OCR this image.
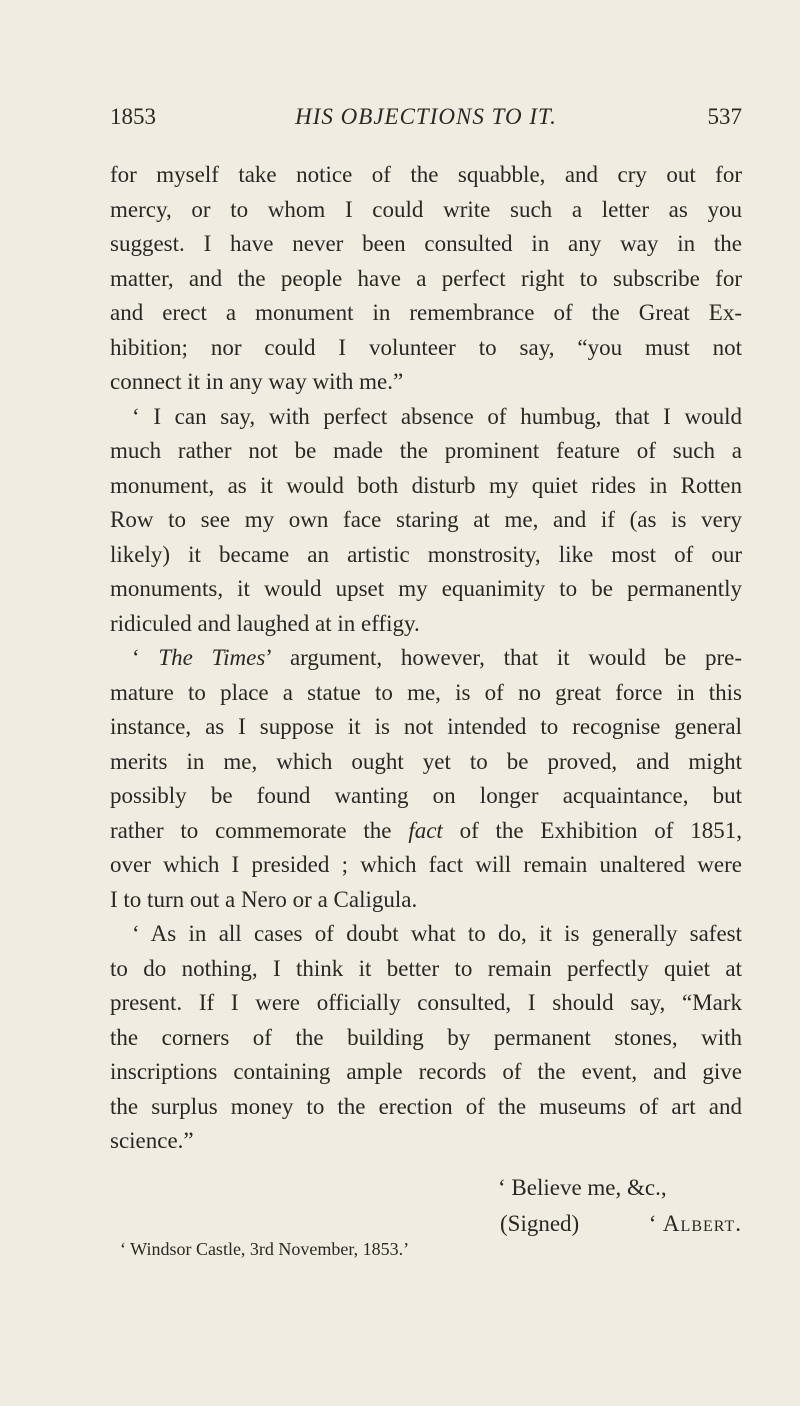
1853	HIS OBJECTIONS TO IT.	537
for myself take notice of the squabble, and cry out for
mercy, or to whom I could write such a letter as you
suggest. I have never been consulted in any way in the
matter, and the people have a perfect right to subscribe for
and erect a monument in remembrance of the Great Ex-
hibition; nor could I volunteer to say, “you must not
connect it in any way with me.”
‘ I can say, with perfect absence of humbug, that I would
much rather not be made the prominent feature of such a
monument, as it would both disturb my quiet rides in Rotten
Row to see my own face staring at me, and if (as is very
likely) it became an artistic monstrosity, like most of our
monuments, it would upset my equanimity to be permanently
ridiculed and laughed at in effigy.
‘ The Times’ argument, however, that it would be pre-
mature to place a statue to me, is of no great force in this
instance, as I suppose it is not intended to recognise general
merits in me, which ought yet to be proved, and might
possibly be found wanting on longer acquaintance, but
rather to commemorate the fact of the Exhibition of 1851,
over which I presided ; which fact will remain unaltered were
I to turn out a Nero or a Caligula.
‘ As in all cases of doubt what to do, it is generally safest
to do nothing, I think it better to remain perfectly quiet at
present. If I were officially consulted, I should say, “Mark
the corners of the building by permanent stones, with
inscriptions containing ample records of the event, and give
the surplus money to the erection of the museums of art and
science.”
‘ Believe me, &c.,
(Signed)	‘ Albert.
‘ Windsor Castle, 3rd November, 1853.’
